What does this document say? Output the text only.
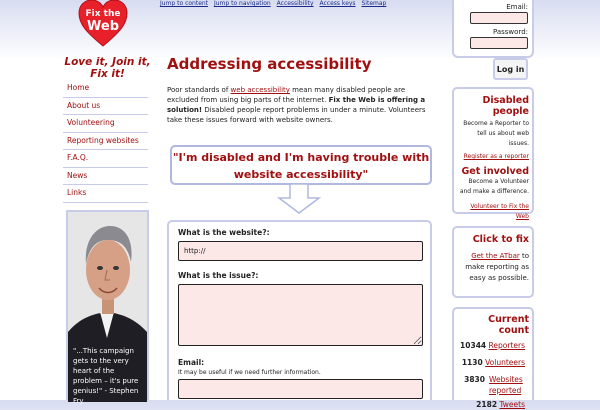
Fix the
Web
Jump to content Jump to navigation Accessibility Access keys Sitemap
Love it, Join it,
Fix it!
Email:
Password:
Log in
Home
About us
Volunteering
Reporting websites
F.A.Q.
News
Links
"...This campaign gets to the very heart of the problem – it's pure genius!" - Stephen Fry
Addressing accessibility

Poor standards of web accessibility mean many disabled people are excluded from using big parts of the internet. Fix the Web is offering a solution! Disabled people report problems in under a minute. Volunteers take these issues forward with website owners.

"I'm disabled and I'm having trouble with website accessibility"
What is the website?:
http://
What is the issue?:
Email:
It may be useful if we need further information.
Disabled people
Become a Reporter to tell us about web issues.
Register as a reporter
Get involved
Become a Volunteer and make a difference.
Volunteer to Fix the Web
Click to fix
Get the ATbar to make reporting as easy as possible.
Current count
10344 Reporters
1130 Volunteers
3830 Websites reported
2182 Tweets
